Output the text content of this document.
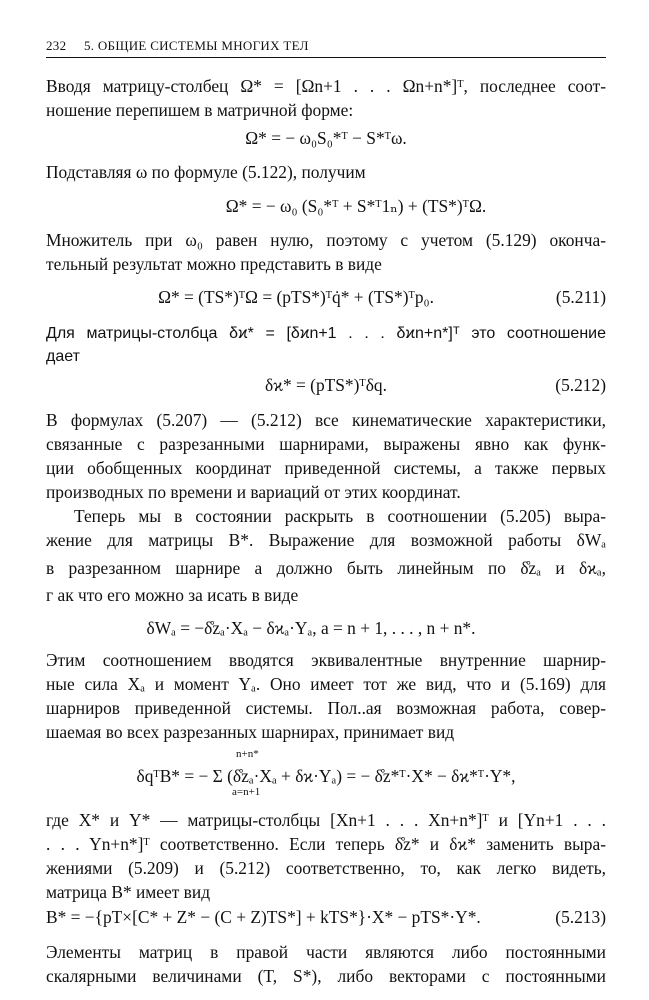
232 5. ОБЩИЕ СИСТЕМЫ МНОГИХ ТЕЛ
Вводя матрицу-столбец Ω* = [Ωn+1 . . . Ωn+n*]ᵀ, последнее соот-
ношение перепишем в матричной форме:
Ω* = − ω₀S₀*ᵀ − S*ᵀω.
Подставляя ω по формуле (5.122), получим
Ω* = − ω₀ (S₀*ᵀ + S*ᵀ1ₙ) + (TS*)ᵀΩ.
Множитель при ω₀ равен нулю, поэтому с учетом (5.129) оконча-
тельный результат можно представить в виде
Ω* = (TS*)ᵀΩ = (pTS*)ᵀq̇* + (TS*)ᵀp₀.	(5.211)
Для матрицы-столбца δϰ* = [δϰn+1 . . . δϰn+n*]ᵀ это соотношение
дает
δϰ* = (pTS*)ᵀδq.	(5.212)
В формулах (5.207) — (5.212) все кинематические характеристики,
связанные с разрезанными шарнирами, выражены явно как функ-
ции обобщенных координат приведенной системы, а также первых
производных по времени и вариаций от этих координат.
Теперь мы в состоянии раскрыть в соотношении (5.205) выра-
жение для матрицы B*. Выражение для возможной работы δWₐ
в разрезанном шарнире a должно быть линейным по δ̊zₐ и δϰₐ,
г ак что его можно за исать в виде
δWₐ = −δ̊zₐ·Xₐ − δϰₐ·Yₐ, a = n + 1, . . . , n + n*.
Этим соотношением вводятся эквивалентные внутренние шарнир-
ные сила Xₐ и момент Yₐ. Оно имеет тот же вид, что и (5.169) для
шарниров приведенной системы. Пол..ая возможная работа, совер-
шаемая во всех разрезанных шарнирах, принимает вид
n+n*
a=n+1
δqᵀB* = − Σ (δ̊zₐ·Xₐ + δϰ·Yₐ) = − δ̊z*ᵀ·X* − δϰ*ᵀ·Y*,
где X* и Y* — матрицы-столбцы [Xn+1 . . . Xn+n*]ᵀ и [Yn+1 . . .
. . . Yn+n*]ᵀ соответственно. Если теперь δ̊z* и δϰ* заменить выра-
жениями (5.209) и (5.212) соответственно, то, как легко видеть,
матрица B* имеет вид
B* = −{pT×[C* + Z* − (C + Z)TS*] + kTS*}·X* − pTS*·Y*.	(5.213)
Элементы матриц в правой части являются либо постоянными
скалярными величинами (T, S*), либо векторами с постоянными
